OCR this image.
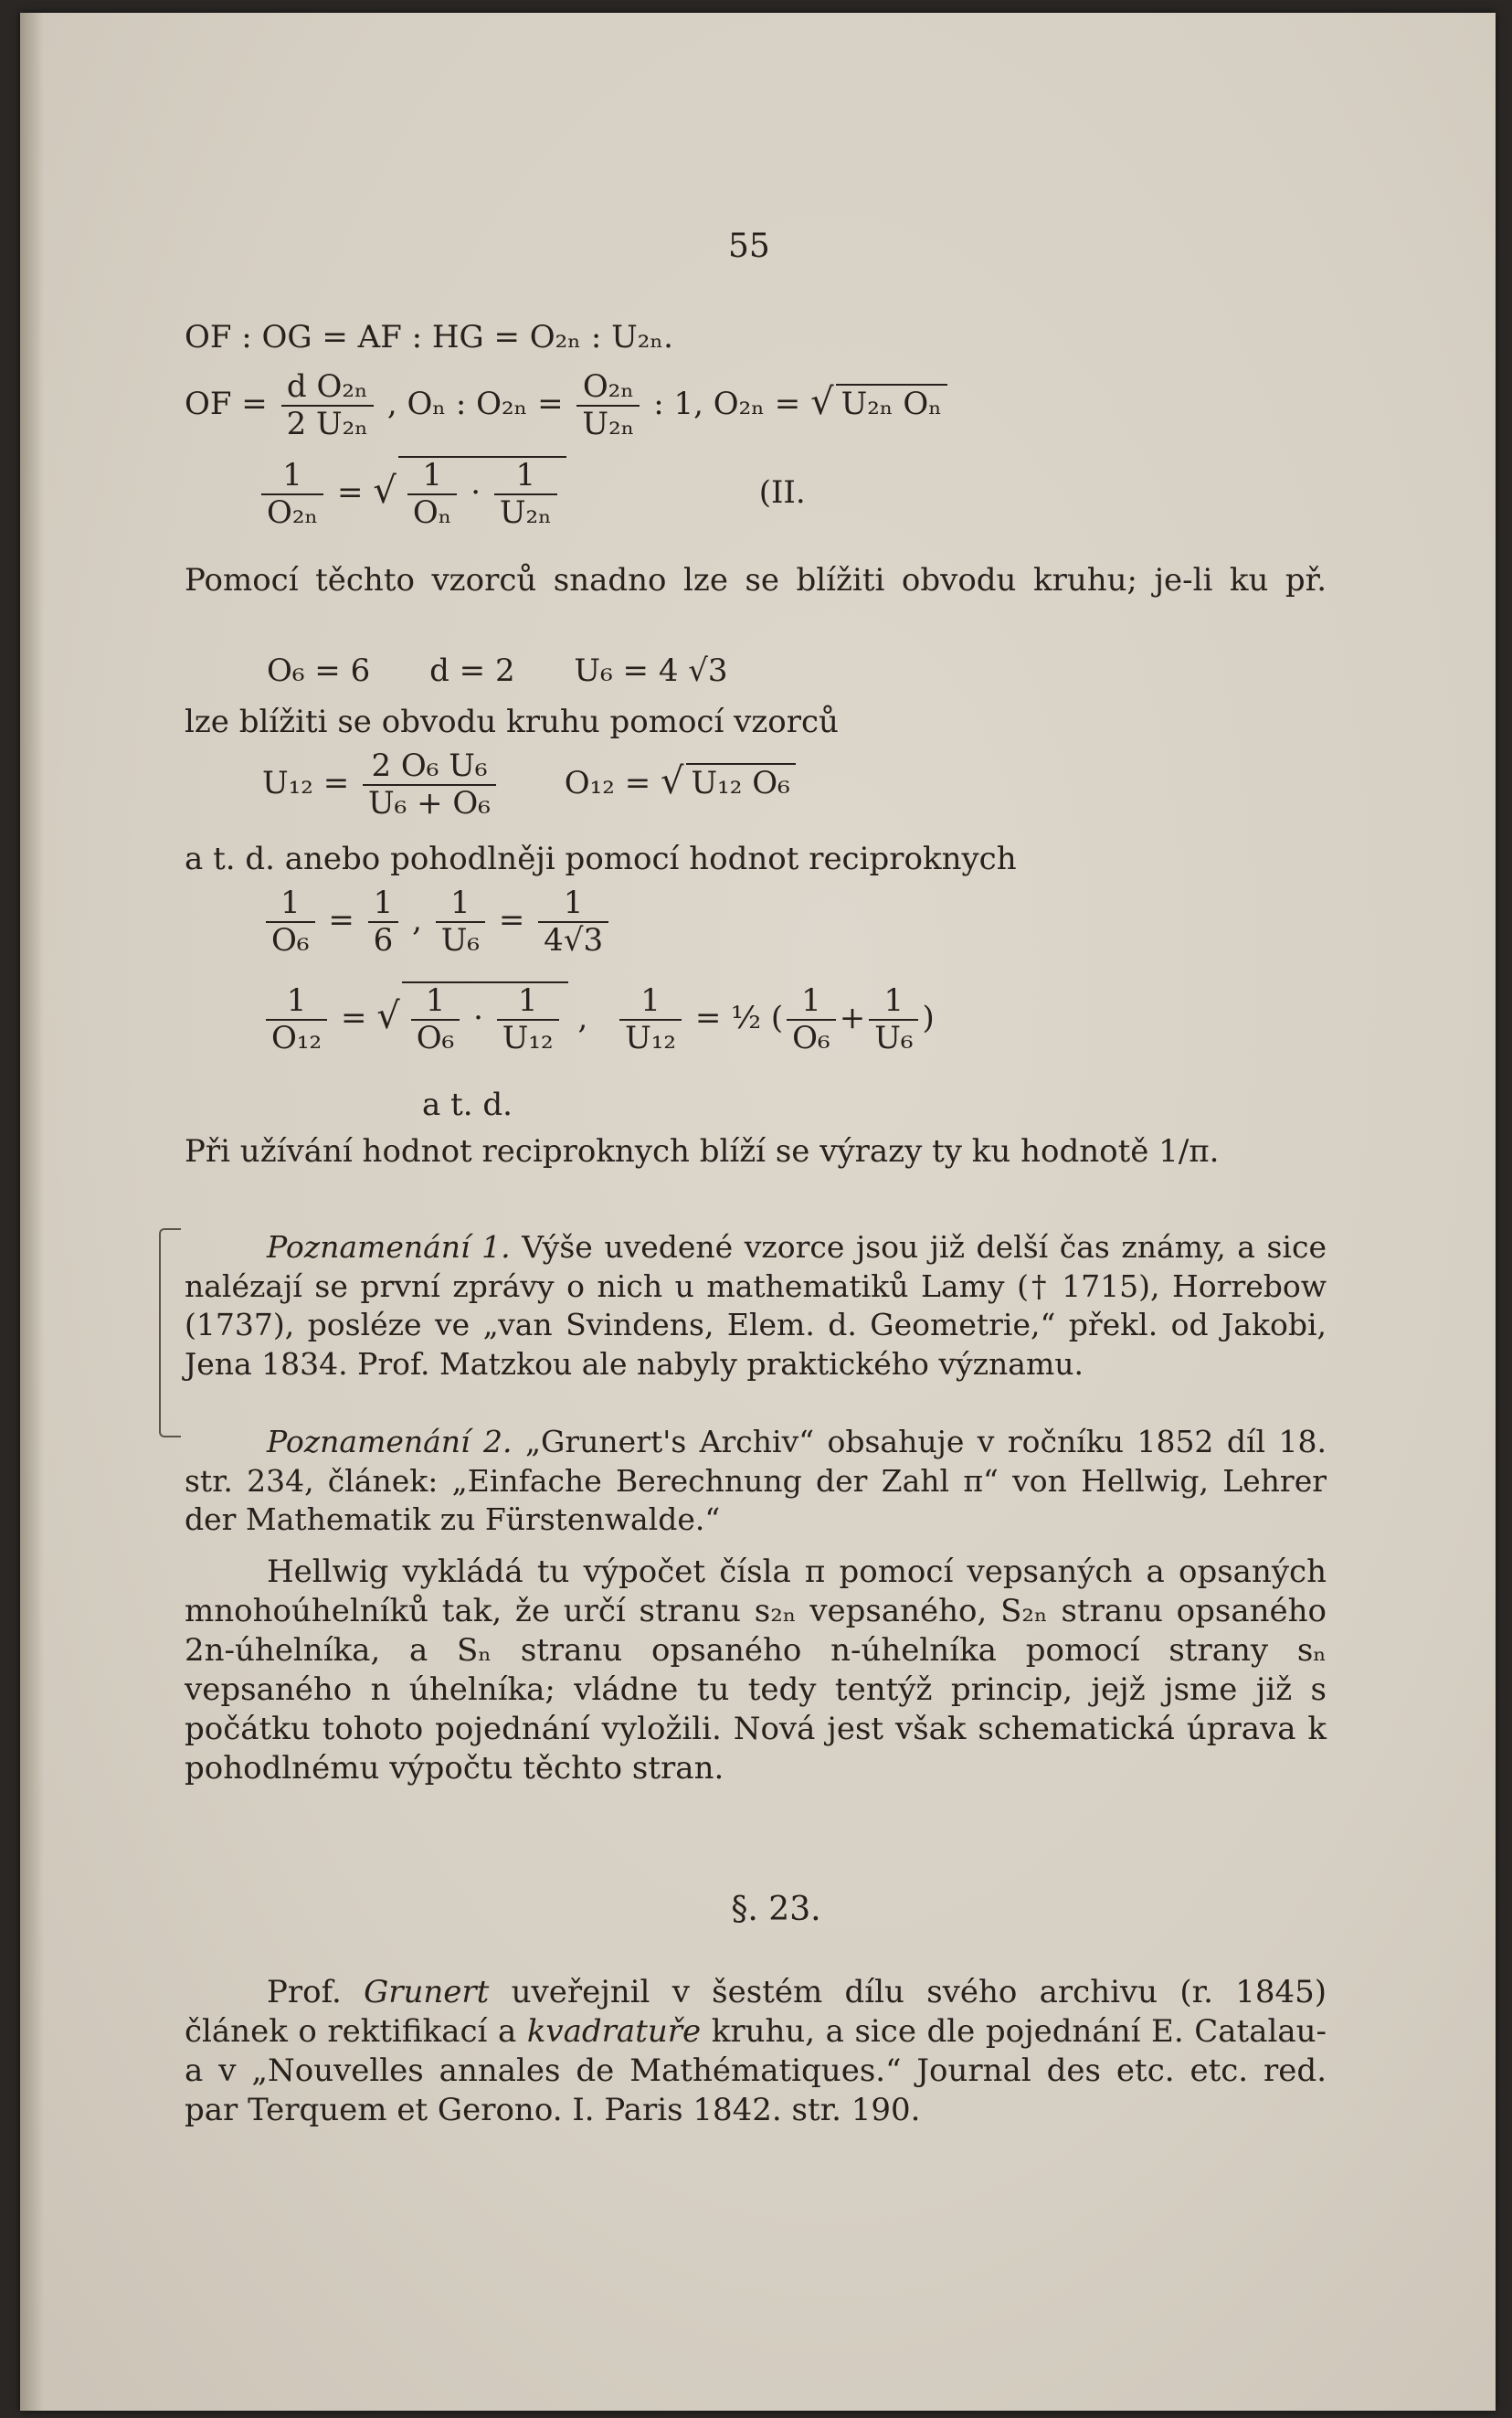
55
OF : OG = AF : HG = O₂ₙ : U₂ₙ.
OF = $\frac{\text{d O₂ₙ}}{\text{2 U₂ₙ}}$ , Oₙ : $O_{2n} = \frac{\text{O₂ₙ}}{\text{U₂ₙ}}$ : 1, O₂ₙ = √ U₂ₙ Oₙ
$\frac{1}{\text{O₂ₙ}}$ = √ $\frac{1}{\text{Oₙ}} \cdot \frac{1}{\text{U₂ₙ}}$	(II.
Pomocí těchto vzorců snadno lze se blížiti obvodu kruhu; je-li ku př.
O₆ = 6      d = 2      U₆ = 4 √3
lze blížiti se obvodu kruhu pomocí vzorců
$U_{12} = \frac{\text{2 O₆ U₆}}{\text{U₆ + O₆}} O_{12}$ = √ U₁₂ O₆
a t. d. anebo pohodlněji pomocí hodnot reciproknych
$\frac{1}{\text{O₆}} = \frac{1}{6}$ , $\frac{1}{\text{U₆}} = \frac{1}{4√3}$
$\frac{1}{\text{O₁₂}}$ = √ $\frac{1}{\text{O₆}} \cdot \frac{1}{\text{U₁₂}}$ , $\frac{1}{\text{U₁₂}}$ = ½ ( $\frac{1}{\text{O₆}} + \frac{1}{\text{U₆}}$ )
a t. d.
Při užívání hodnot reciproknych blíží se výrazy ty ku hodnotě 1/π.
Poznamenání 1. Výše uvedené vzorce jsou již delší čas známy, a sice nalézají se první zprávy o nich u mathematiků Lamy († 1715), Horrebow (1737), posléze ve „van Svindens, Elem. d. Geometrie,“ překl. od Jakobi, Jena 1834. Prof. Matzkou ale nabyly praktického významu.
Poznamenání 2. „Grunert's Archiv“ obsahuje v ročníku 1852 díl 18. str. 234, článek: „Einfache Berechnung der Zahl π“ von Hellwig, Lehrer der Mathematik zu Fürstenwalde.“
Hellwig vykládá tu výpočet čísla π pomocí vepsaných a opsaných mnohoúhelníků tak, že určí stranu s₂ₙ vepsaného, S₂ₙ stranu opsaného 2n-úhelníka, a Sₙ stranu opsaného n-úhelníka pomocí strany sₙ vepsaného n úhelníka; vládne tu tedy tentýž princip, jejž jsme již s počátku tohoto pojednání vyložili. Nová jest však schematická úprava k pohodlnému výpočtu těchto stran.
§. 23.
Prof. Grunert uveřejnil v šestém dílu svého archivu (r. 1845) článek o rektifikací a kvadratuře kruhu, a sice dle pojednání E. Catalau-a v „Nouvelles annales de Mathématiques.“ Journal des etc. etc. red. par Terquem et Gerono. I. Paris 1842. str. 190.
